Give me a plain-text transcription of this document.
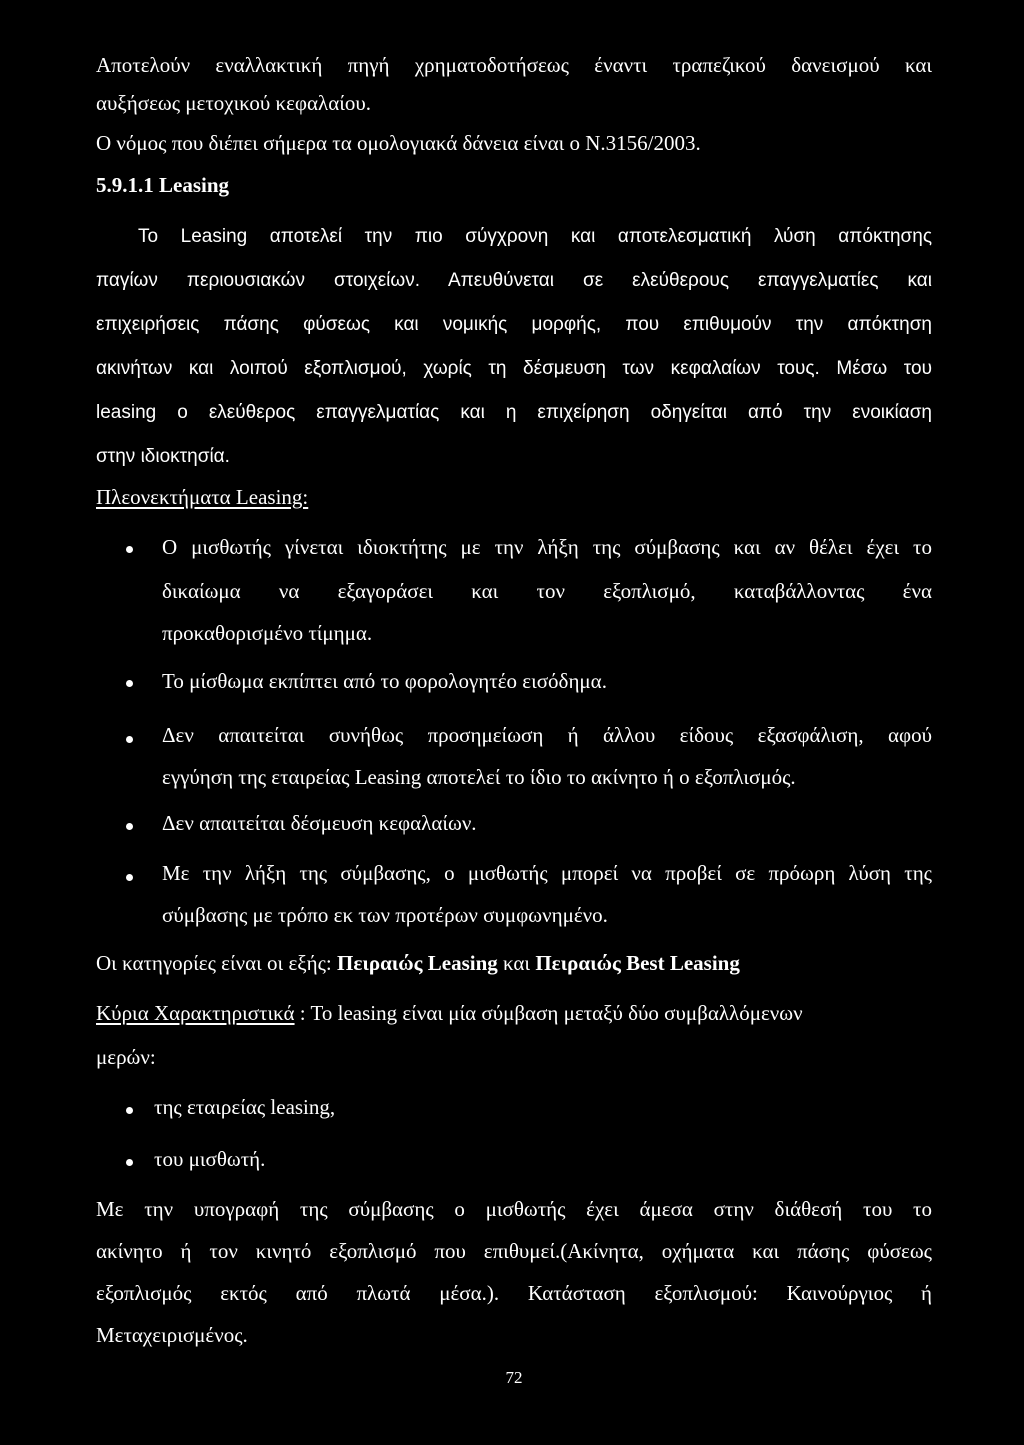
Αποτελούν εναλλακτική πηγή χρηματοδοτήσεως έναντι τραπεζικού δανεισμού και
αυξήσεως μετοχικού κεφαλαίου.
Ο νόμος που διέπει σήμερα τα ομολογιακά δάνεια είναι ο Ν.3156/2003.
5.9.1.1 Leasing
Το Leasing αποτελεί την πιο σύγχρονη και αποτελεσματική λύση απόκτησης
παγίων περιουσιακών στοιχείων. Απευθύνεται σε ελεύθερους επαγγελματίες και
επιχειρήσεις πάσης φύσεως και νομικής μορφής, που επιθυμούν την απόκτηση
ακινήτων και λοιπού εξοπλισμού, χωρίς τη δέσμευση των κεφαλαίων τους. Μέσω του
leasing ο ελεύθερος επαγγελματίας και η επιχείρηση οδηγείται από την ενοικίαση
στην ιδιοκτησία.
Πλεονεκτήματα Leasing:
Ο μισθωτής γίνεται ιδιοκτήτης με την λήξη της σύμβασης και αν θέλει έχει το
δικαίωμα να εξαγοράσει και τον εξοπλισμό, καταβάλλοντας ένα
προκαθορισμένο τίμημα.
Το μίσθωμα εκπίπτει από το φορολογητέο εισόδημα.
Δεν απαιτείται συνήθως προσημείωση ή άλλου είδους εξασφάλιση, αφού
εγγύηση της εταιρείας Leasing αποτελεί το ίδιο το ακίνητο ή ο εξοπλισμός.
Δεν απαιτείται δέσμευση κεφαλαίων.
Με την λήξη της σύμβασης, ο μισθωτής μπορεί να προβεί σε πρόωρη λύση της
σύμβασης με τρόπο εκ των προτέρων συμφωνημένο.
Οι κατηγορίες είναι οι εξής: Πειραιώς Leasing και Πειραιώς Best Leasing
Κύρια Χαρακτηριστικά : Το leasing είναι μία σύμβαση μεταξύ δύο συμβαλλόμενων
μερών:
της εταιρείας leasing,
του μισθωτή.
Με την υπογραφή της σύμβασης ο μισθωτής έχει άμεσα στην διάθεσή του το
ακίνητο ή τον κινητό εξοπλισμό που επιθυμεί.(Ακίνητα, οχήματα και πάσης φύσεως
εξοπλισμός εκτός από πλωτά μέσα.). Κατάσταση εξοπλισμού: Καινούργιος ή
Μεταχειρισμένος.
72
